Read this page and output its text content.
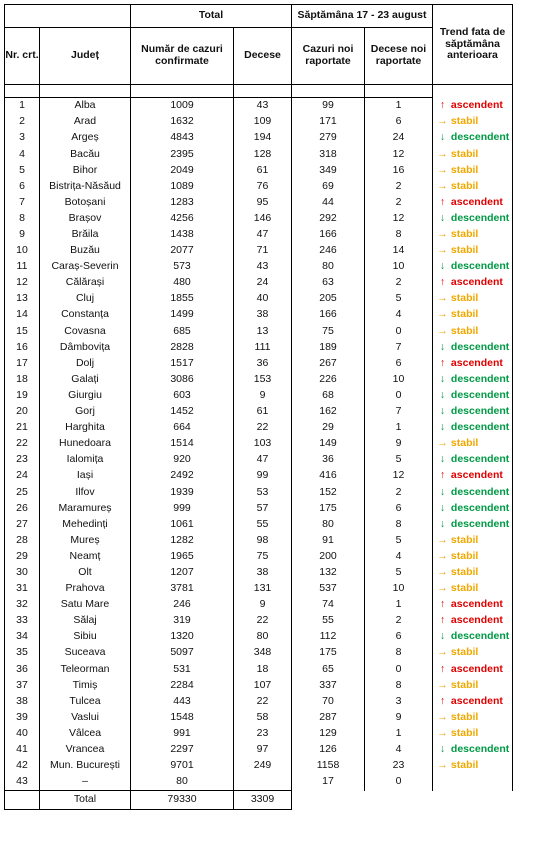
		Total		Săptămâna 17 - 23 august		Trend fata de săptămâna anterioara
Nr. crt.	Județ	Număr de cazuri confirmate	Decese	Cazuri noi raportate	Decese noi raportate	

1	Alba	1009	43	99	1	↑ ascendent
2	Arad	1632	109	171	6	→ stabil
3	Argeș	4843	194	279	24	↓ descendent
4	Bacău	2395	128	318	12	→ stabil
5	Bihor	2049	61	349	16	→ stabil
6	Bistrița-Năsăud	1089	76	69	2	→ stabil
7	Botoșani	1283	95	44	2	↑ ascendent
8	Brașov	4256	146	292	12	↓ descendent
9	Brăila	1438	47	166	8	→ stabil
10	Buzău	2077	71	246	14	→ stabil
11	Caraș-Severin	573	43	80	10	↓ descendent
12	Călărași	480	24	63	2	↑ ascendent
13	Cluj	1855	40	205	5	→ stabil
14	Constanța	1499	38	166	4	→ stabil
15	Covasna	685	13	75	0	→ stabil
16	Dâmbovița	2828	111	189	7	↓ descendent
17	Dolj	1517	36	267	6	↑ ascendent
18	Galați	3086	153	226	10	↓ descendent
19	Giurgiu	603	9	68	0	↓ descendent
20	Gorj	1452	61	162	7	↓ descendent
21	Harghita	664	22	29	1	↓ descendent
22	Hunedoara	1514	103	149	9	→ stabil
23	Ialomița	920	47	36	5	↓ descendent
24	Iași	2492	99	416	12	↑ ascendent
25	Ilfov	1939	53	152	2	↓ descendent
26	Maramureș	999	57	175	6	↓ descendent
27	Mehedinți	1061	55	80	8	↓ descendent
28	Mureș	1282	98	91	5	→ stabil
29	Neamț	1965	75	200	4	→ stabil
30	Olt	1207	38	132	5	→ stabil
31	Prahova	3781	131	537	10	→ stabil
32	Satu Mare	246	9	74	1	↑ ascendent
33	Sălaj	319	22	55	2	↑ ascendent
34	Sibiu	1320	80	112	6	↓ descendent
35	Suceava	5097	348	175	8	→ stabil
36	Teleorman	531	18	65	0	↑ ascendent
37	Timiș	2284	107	337	8	→ stabil
38	Tulcea	443	22	70	3	↑ ascendent
39	Vaslui	1548	58	287	9	→ stabil
40	Vâlcea	991	23	129	1	→ stabil
41	Vrancea	2297	97	126	4	↓ descendent
42	Mun. București	9701	249	1158	23	→ stabil
43	–	80		17	0	
	Total	79330	3309			
